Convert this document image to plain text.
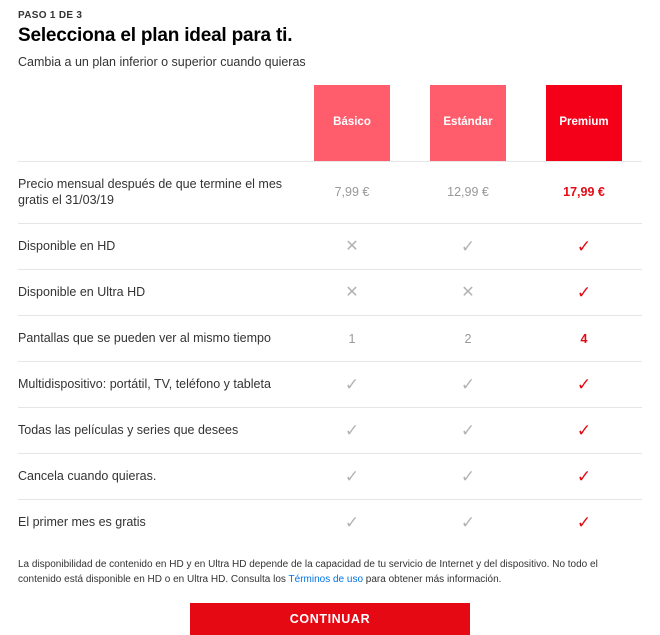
PASO 1 DE 3
Selecciona el plan ideal para ti.

Cambia a un plan inferior o superior cuando quieras

	Básico	Estándar	Premium

Precio mensual después de que termine el mes gratis el 31/03/19	7,99 €	12,99 €	17,99 €
Disponible en HD	✕	✓	✓
Disponible en Ultra HD	✕	✕	✓
Pantallas que se pueden ver al mismo tiempo	1	2	4
Multidispositivo: portátil, TV, teléfono y tableta	✓	✓	✓
Todas las películas y series que desees	✓	✓	✓
Cancela cuando quieras.	✓	✓	✓
El primer mes es gratis	✓	✓	✓

La disponibilidad de contenido en HD y en Ultra HD depende de la capacidad de tu servicio de Internet y del dispositivo. No todo el contenido está disponible en HD o en Ultra HD. Consulta los Términos de uso para obtener más información.

CONTINUAR
